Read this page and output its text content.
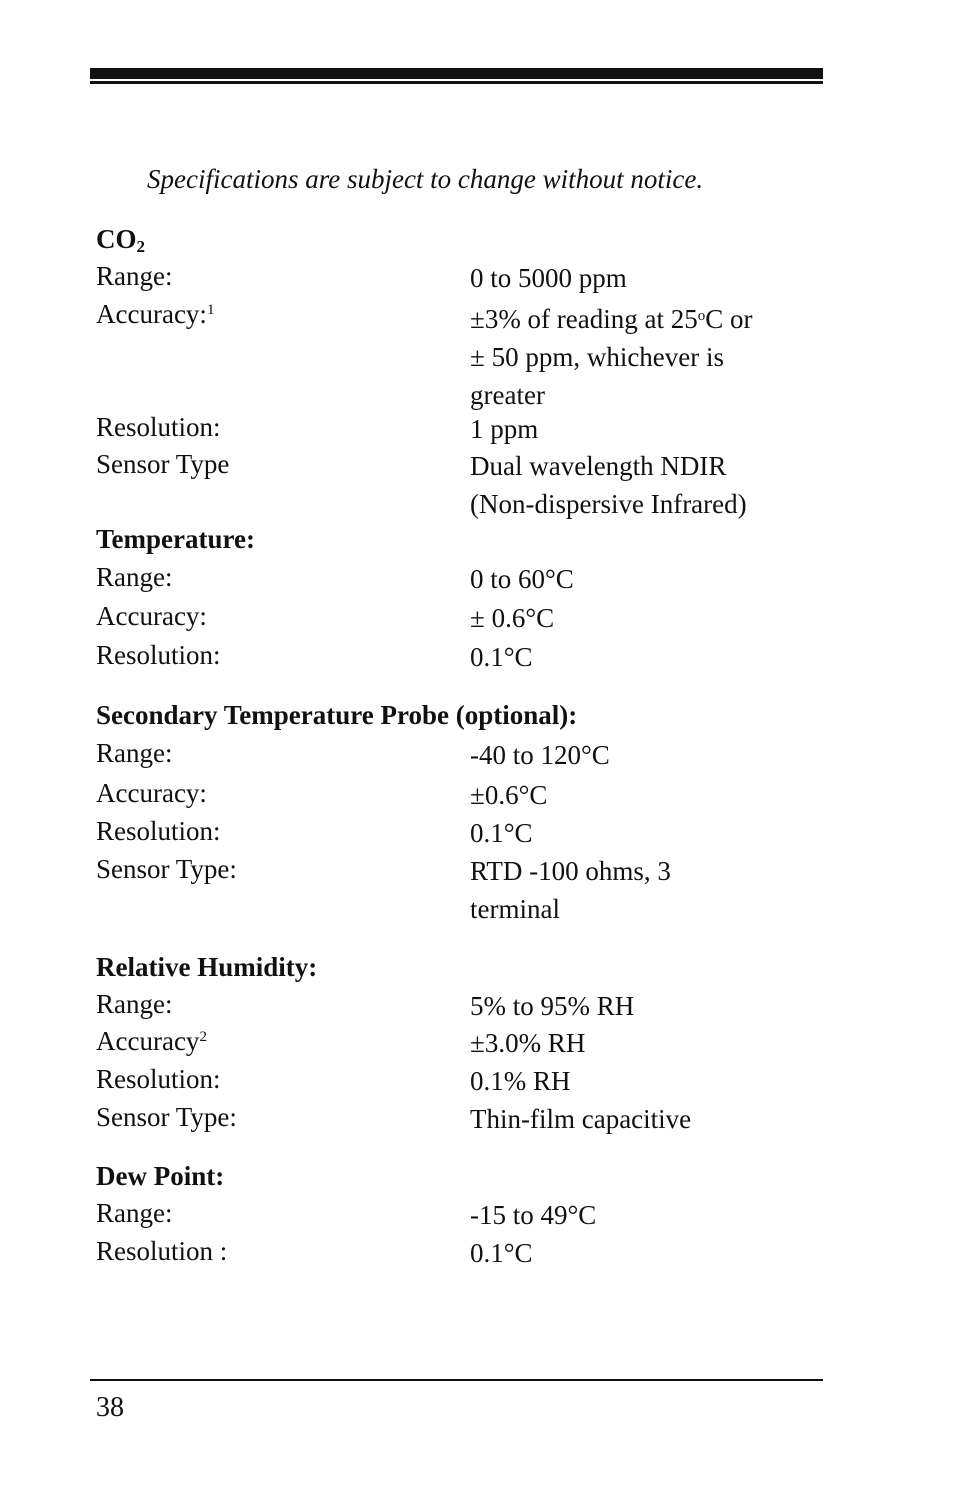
Specifications are subject to change without notice.
$CO_2$
Range:	0 to 5000 ppm
Accuracy:$^1$	±3% of reading at 25$^o$C or
± 50 ppm, whichever is
greater
Resolution:	1 ppm
Sensor Type	Dual wavelength NDIR
(Non-dispersive Infrared)
Temperature:
Range:	0 to 60°C
Accuracy:	± 0.6°C
Resolution:	0.1°C
Secondary Temperature Probe (optional):
Range:	-40 to 120°C
Accuracy:	±0.6°C
Resolution:	0.1°C
Sensor Type:	RTD -100 ohms, 3
terminal
Relative Humidity:
Range:	5% to 95% RH
Accuracy$^2$	±3.0% RH
Resolution:	0.1% RH
Sensor Type:	Thin-film capacitive
Dew Point:
Range:	-15 to 49°C
Resolution :	0.1°C
38
